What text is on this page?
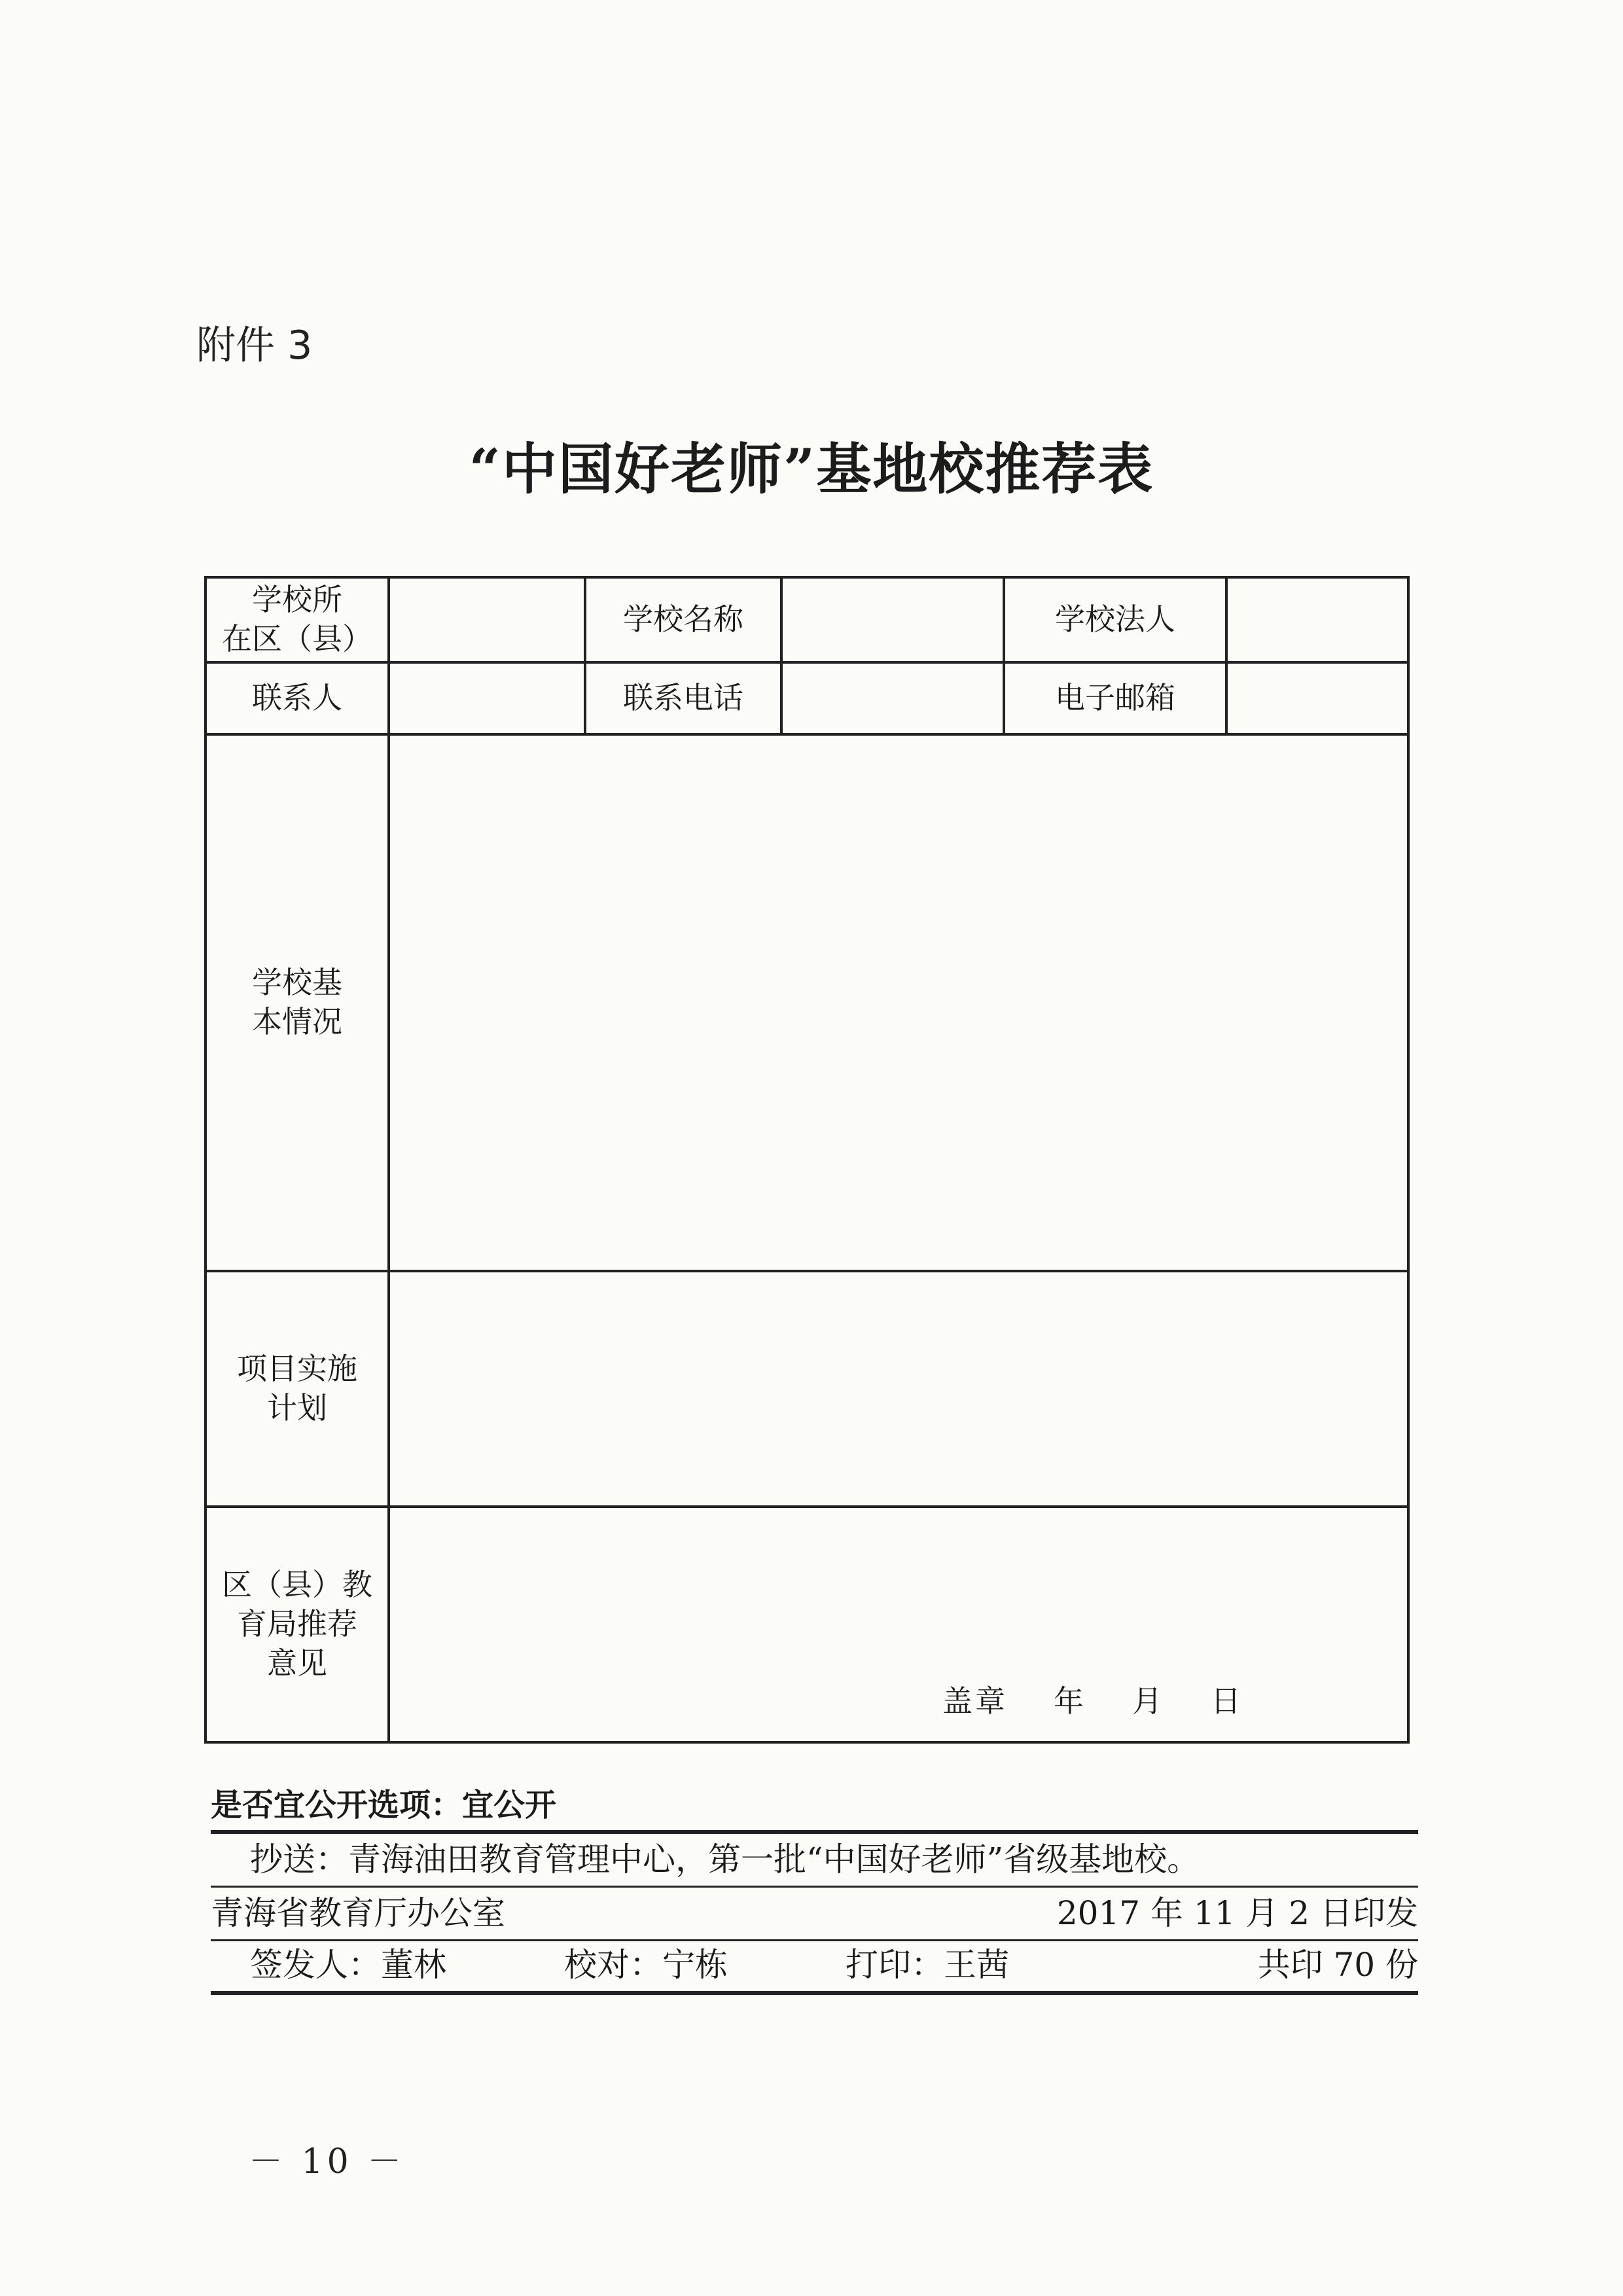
附件 3
“中国好老师”基地校推荐表
学校所
在区（县）		学校名称		学校法人	
联系人		联系电话		电子邮箱	
学校基
本情况					
项目实施
计划					
区（县）教
育局推荐
意见	盖章 年 月 日				
是否宜公开选项：宜公开
抄送：青海油田教育管理中心，第一批“中国好老师”省级基地校。
青海省教育厅办公室	2017 年 11 月 2 日印发
签发人：董林	校对：宁栋	打印：王茜	共印 70 份
－ 10 －
